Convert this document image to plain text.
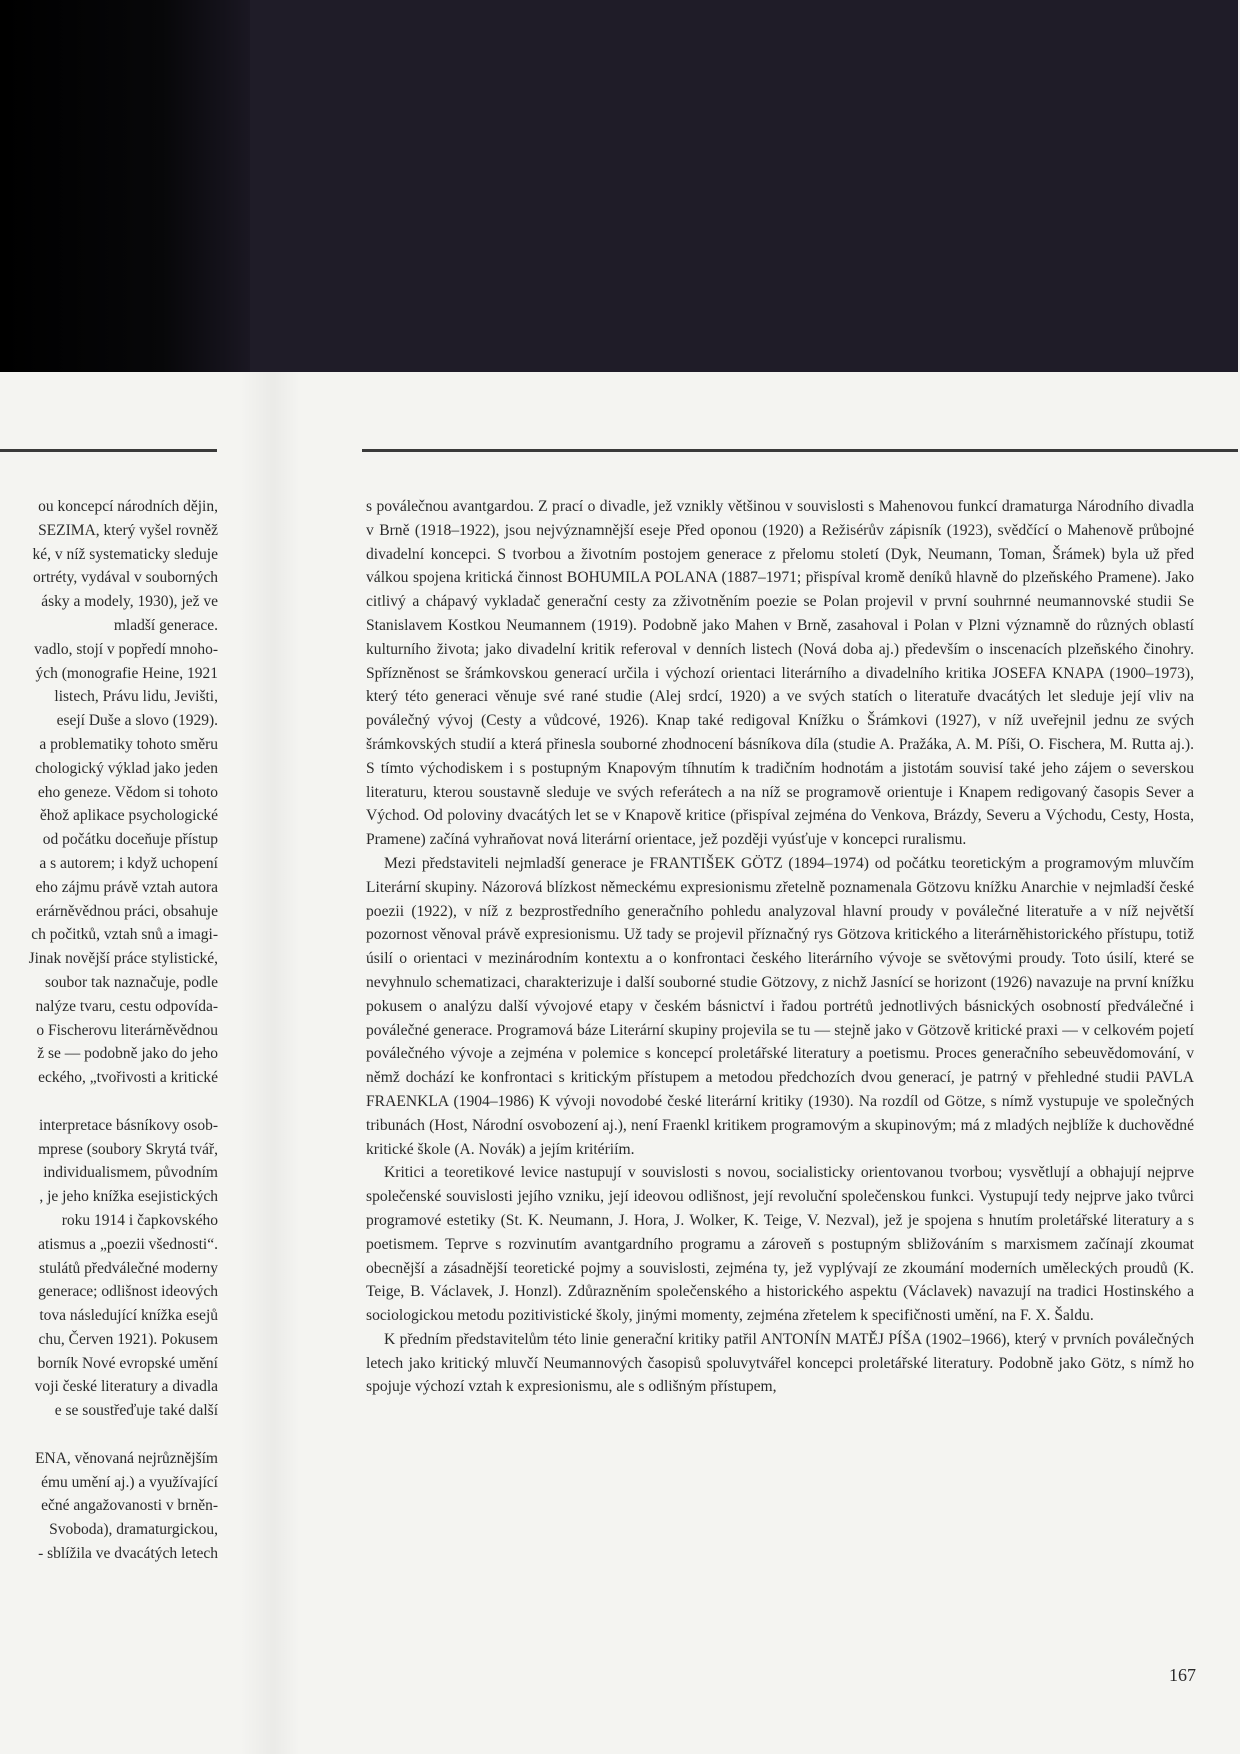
ou koncepcí národních dějin,
SEZIMA, který vyšel rovněž
ké, v níž systematicky sleduje
ortréty, vydával v souborných
ásky a modely, 1930), jež ve
mladší generace.
vadlo, stojí v popředí mnoho-
ých (monografie Heine, 1921
listech, Právu lidu, Jevišti,
esejí Duše a slovo (1929).
a problematiky tohoto směru
chologický výklad jako jeden
eho geneze. Vědom si tohoto
ěhož aplikace psychologické
od počátku doceňuje přístup
a s autorem; i když uchopení
eho zájmu právě vztah autora
erárněvědnou práci, obsahuje
ch počitků, vztah snů a imagi-
Jinak novější práce stylistické,
soubor tak naznačuje, podle
nalýze tvaru, cestu odpovída-
o Fischerovu literárněvědnou
ž se — podobně jako do jeho
eckého, „tvořivosti a kritické
interpretace básníkovy osob-
mprese (soubory Skrytá tvář,
individualismem, původním
, je jeho knížka esejistických
roku 1914 i čapkovského
atismus a „poezii všednosti“.
stulátů předválečné moderny
generace; odlišnost ideových
tova následující knížka esejů
chu, Červen 1921). Pokusem
borník Nové evropské umění
voji české literatury a divadla
e se soustřeďuje také další
ENA, věnovaná nejrůznějším
ému umění aj.) a využívající
ečné angažovanosti v brněn-
Svoboda), dramaturgickou,
- sblížila ve dvacátých letech

s poválečnou avantgardou. Z prací o divadle, jež vznikly většinou v souvislosti s Mahenovou funkcí dramaturga Národního divadla v Brně (1918–1922), jsou nejvýznamnější eseje Před oponou (1920) a Režisérův zápisník (1923), svědčící o Mahenově průbojné divadelní koncepci. S tvorbou a životním postojem generace z přelomu století (Dyk, Neumann, Toman, Šrámek) byla už před válkou spojena kritická činnost BOHUMILA POLANA (1887–1971; přispíval kromě deníků hlavně do plzeňského Pramene). Jako citlivý a chápavý vykladač generační cesty za zživotněním poezie se Polan projevil v první souhrnné neumannovské studii Se Stanislavem Kostkou Neumannem (1919). Podobně jako Mahen v Brně, zasahoval i Polan v Plzni významně do různých oblastí kulturního života; jako divadelní kritik referoval v denních listech (Nová doba aj.) především o inscenacích plzeňského činohry. Spřízněnost se šrámkovskou generací určila i výchozí orientaci literárního a divadelního kritika JOSEFA KNAPA (1900–1973), který této generaci věnuje své rané studie (Alej srdcí, 1920) a ve svých statích o literatuře dvacátých let sleduje její vliv na poválečný vývoj (Cesty a vůdcové, 1926). Knap také redigoval Knížku o Šrámkovi (1927), v níž uveřejnil jednu ze svých šrámkovských studií a která přinesla souborné zhodnocení básníkova díla (studie A. Pražáka, A. M. Píši, O. Fischera, M. Rutta aj.). S tímto východiskem i s postupným Knapovým tíhnutím k tradičním hodnotám a jistotám souvisí také jeho zájem o severskou literaturu, kterou soustavně sleduje ve svých referátech a na níž se programově orientuje i Knapem redigovaný časopis Sever a Východ. Od poloviny dvacátých let se v Knapově kritice (přispíval zejména do Venkova, Brázdy, Severu a Východu, Cesty, Hosta, Pramene) začíná vyhraňovat nová literární orientace, jež později vyúsťuje v koncepci ruralismu.

Mezi představiteli nejmladší generace je FRANTIŠEK GÖTZ (1894–1974) od počátku teoretickým a programovým mluvčím Literární skupiny. Názorová blízkost německému expresionismu zřetelně poznamenala Götzovu knížku Anarchie v nejmladší české poezii (1922), v níž z bezprostředního generačního pohledu analyzoval hlavní proudy v poválečné literatuře a v níž největší pozornost věnoval právě expresionismu. Už tady se projevil příznačný rys Götzova kritického a literárněhistorického přístupu, totiž úsilí o orientaci v mezinárodním kontextu a o konfrontaci českého literárního vývoje se světovými proudy. Toto úsilí, které se nevyhnulo schematizaci, charakterizuje i další souborné studie Götzovy, z nichž Jasnící se horizont (1926) navazuje na první knížku pokusem o analýzu další vývojové etapy v českém básnictví i řadou portrétů jednotlivých básnických osobností předválečné i poválečné generace. Programová báze Literární skupiny projevila se tu — stejně jako v Götzově kritické praxi — v celkovém pojetí poválečného vývoje a zejména v polemice s koncepcí proletářské literatury a poetismu. Proces generačního sebeuvědomování, v němž dochází ke konfrontaci s kritickým přístupem a metodou předchozích dvou generací, je patrný v přehledné studii PAVLA FRAENKLA (1904–1986) K vývoji novodobé české literární kritiky (1930). Na rozdíl od Götze, s nímž vystupuje ve společných tribunách (Host, Národní osvobození aj.), není Fraenkl kritikem programovým a skupinovým; má z mladých nejblíže k duchovědné kritické škole (A. Novák) a jejím kritériím.

Kritici a teoretikové levice nastupují v souvislosti s novou, socialisticky orientovanou tvorbou; vysvětlují a obhajují nejprve společenské souvislosti jejího vzniku, její ideovou odlišnost, její revoluční společenskou funkci. Vystupují tedy nejprve jako tvůrci programové estetiky (St. K. Neumann, J. Hora, J. Wolker, K. Teige, V. Nezval), jež je spojena s hnutím proletářské literatury a s poetismem. Teprve s rozvinutím avantgardního programu a zároveň s postupným sbližováním s marxismem začínají zkoumat obecnější a zásadnější teoretické pojmy a souvislosti, zejména ty, jež vyplývají ze zkoumání moderních uměleckých proudů (K. Teige, B. Václavek, J. Honzl). Zdůrazněním společenského a historického aspektu (Václavek) navazují na tradici Hostinského a sociologickou metodu pozitivistické školy, jinými momenty, zejména zřetelem k specifičnosti umění, na F. X. Šaldu.

K předním představitelům této linie generační kritiky patřil ANTONÍN MATĚJ PÍŠA (1902–1966), který v prvních poválečných letech jako kritický mluvčí Neumannových časopisů spoluvytvářel koncepci proletářské literatury. Podobně jako Götz, s nímž ho spojuje výchozí vztah k expresionismu, ale s odlišným přístupem,

167
